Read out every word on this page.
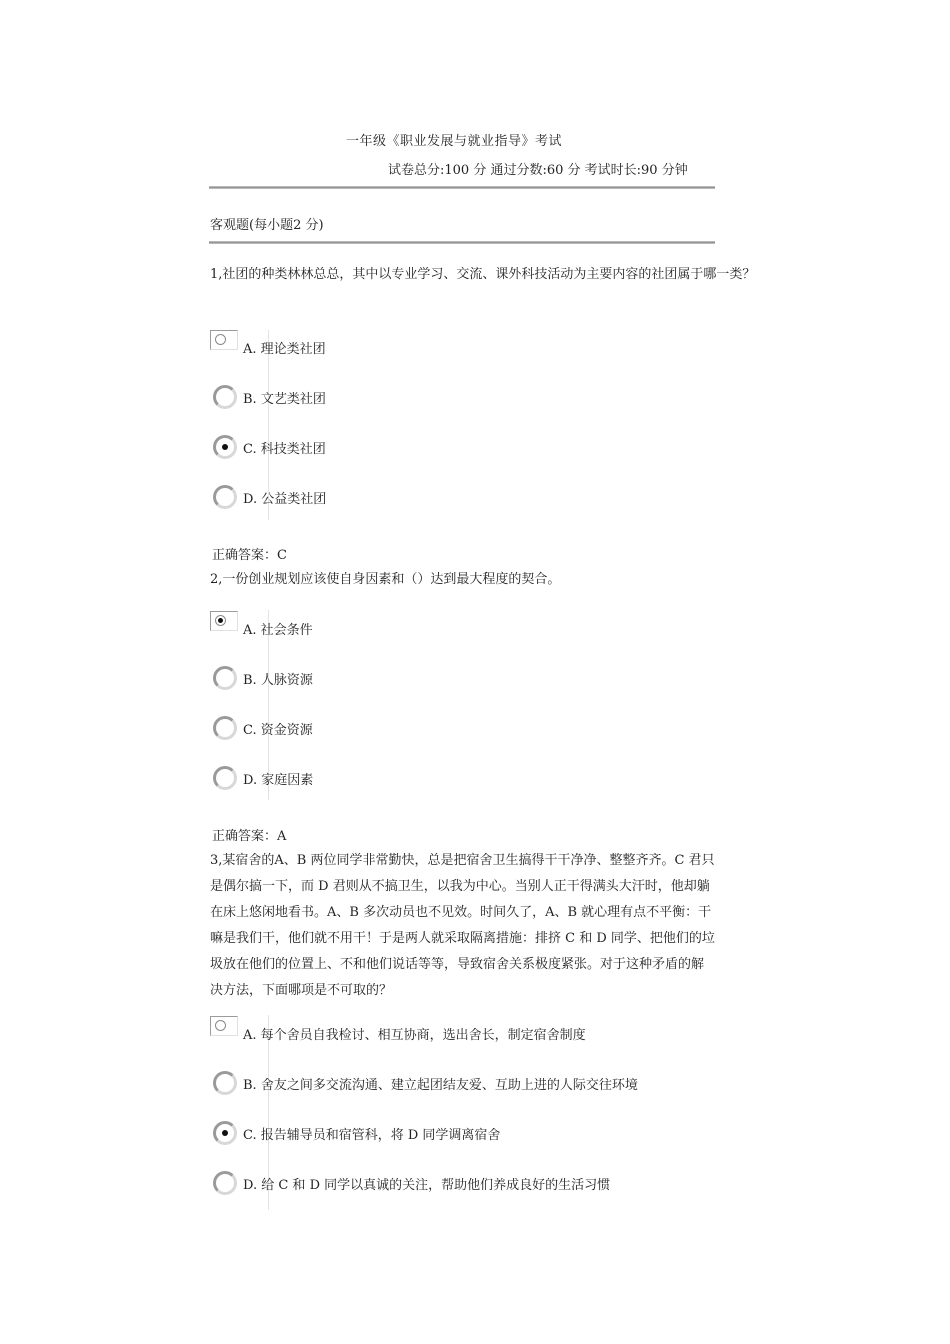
一年级《职业发展与就业指导》考试
试卷总分:100 分 通过分数:60 分 考试时长:90 分钟
客观题(每小题2 分)
1,社团的种类林林总总，其中以专业学习、交流、课外科技活动为主要内容的社团属于哪一类？
A. 理论类社团
B. 文艺类社团
C. 科技类社团
D. 公益类社团
正确答案：C
2,一份创业规划应该使自身因素和（）达到最大程度的契合。
A. 社会条件
B. 人脉资源
C. 资金资源
D. 家庭因素
正确答案：A
3,某宿舍的A、B 两位同学非常勤快，总是把宿舍卫生搞得干干净净、整整齐齐。C 君只是偶尔搞一下，而 D 君则从不搞卫生，以我为中心。当别人正干得满头大汗时，他却躺在床上悠闲地看书。A、B 多次动员也不见效。时间久了，A、B 就心理有点不平衡：干嘛是我们干，他们就不用干！于是两人就采取隔离措施：排挤 C 和 D 同学、把他们的垃圾放在他们的位置上、不和他们说话等等，导致宿舍关系极度紧张。对于这种矛盾的解决方法，下面哪项是不可取的？
A. 每个舍员自我检讨、相互协商，选出舍长，制定宿舍制度
B. 舍友之间多交流沟通、建立起团结友爱、互助上进的人际交往环境
C. 报告辅导员和宿管科，将 D 同学调离宿舍
D. 给 C 和 D 同学以真诚的关注，帮助他们养成良好的生活习惯
